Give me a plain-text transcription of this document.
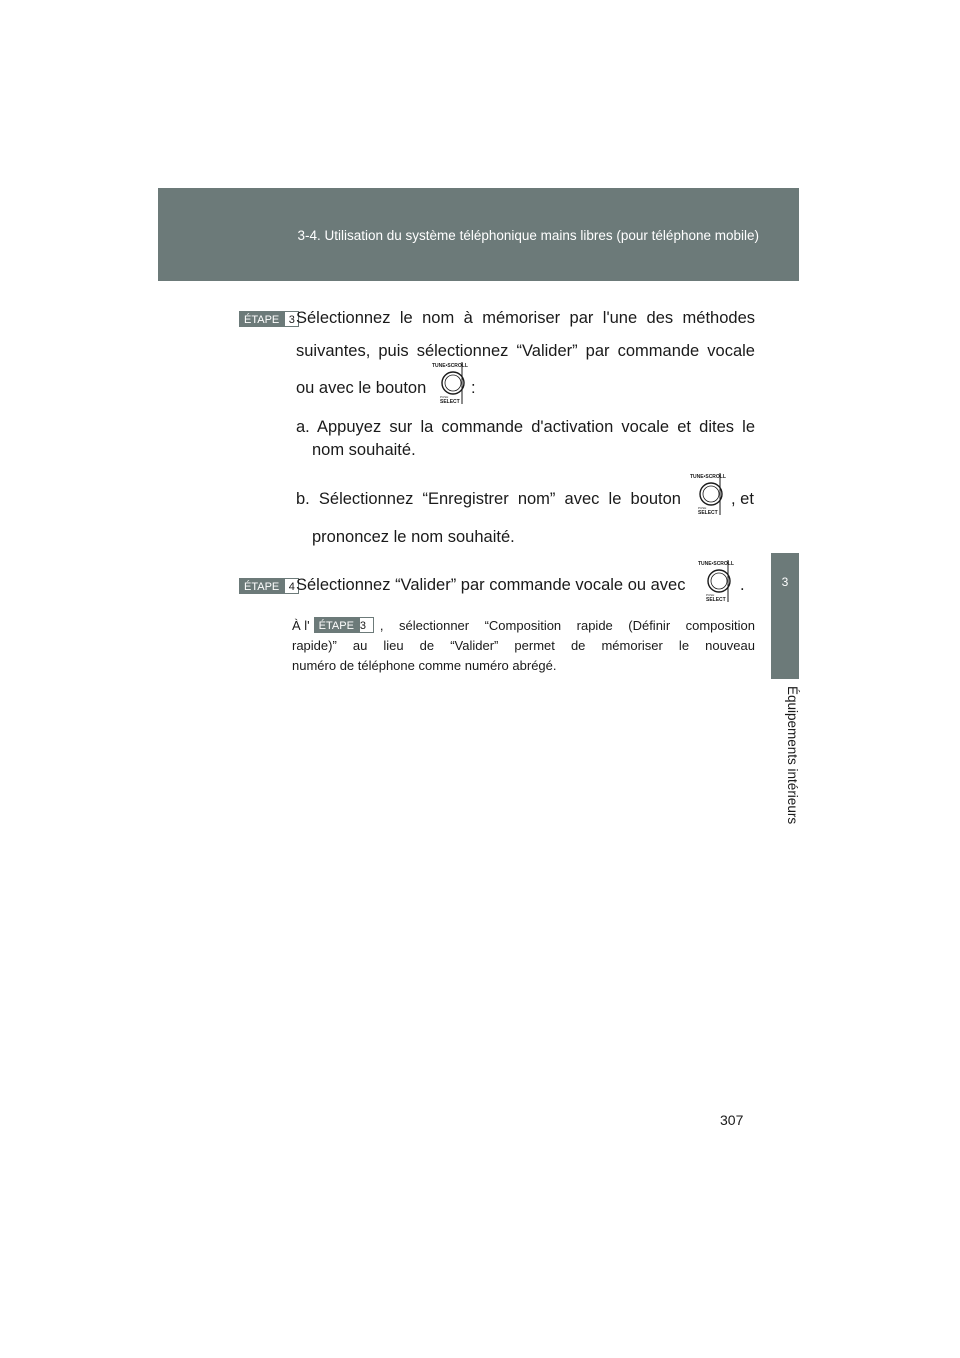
3-4. Utilisation du système téléphonique mains libres (pour téléphone mobile)
3
Équipements intérieurs
ÉTAPE 3 Sélectionnez le nom à mémoriser par l'une des méthodes
suivantes, puis sélectionnez “Valider” par commande vocale
ou avec le bouton
TUNE•SCROLL
PUSH
SELECT
:
a. Appuyez sur la commande d'activation vocale et dites le
nom souhaité.
b. Sélectionnez “Enregistrer nom” avec le bouton
TUNE•SCROLL
PUSH
SELECT
, et
prononcez le nom souhaité.
ÉTAPE 4 Sélectionnez “Valider” par commande vocale ou avec
TUNE•SCROLL
PUSH
SELECT
.
À l' ÉTAPE 3	, sélectionner “Composition rapide (Définir composition
rapide)” au lieu de “Valider” permet de mémoriser le nouveau
numéro de téléphone comme numéro abrégé.
307
